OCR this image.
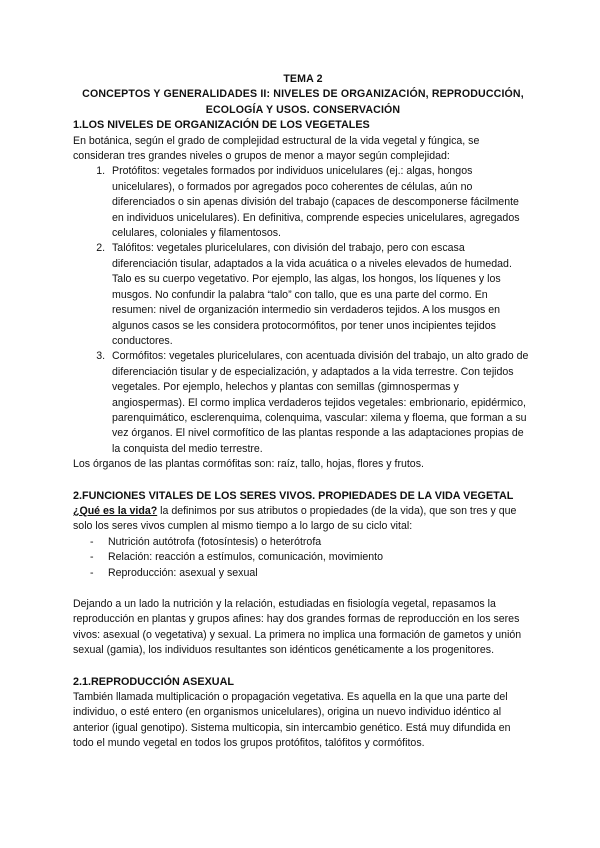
TEMA 2
CONCEPTOS Y GENERALIDADES II: NIVELES DE ORGANIZACIÓN, REPRODUCCIÓN,
ECOLOGÍA Y USOS. CONSERVACIÓN
1.LOS NIVELES DE ORGANIZACIÓN DE LOS VEGETALES

En botánica, según el grado de complejidad estructural de la vida vegetal y fúngica, se consideran tres grandes niveles o grupos de menor a mayor según complejidad:

1. Protófitos: vegetales formados por individuos unicelulares (ej.: algas, hongos unicelulares), o formados por agregados poco coherentes de células, aún no diferenciados o sin apenas división del trabajo (capaces de descomponerse fácilmente en individuos unicelulares). En definitiva, comprende especies unicelulares, agregados celulares, coloniales y filamentosos.
2. Talófitos: vegetales pluricelulares, con división del trabajo, pero con escasa diferenciación tisular, adaptados a la vida acuática o a niveles elevados de humedad. Talo es su cuerpo vegetativo. Por ejemplo, las algas, los hongos, los líquenes y los musgos. No confundir la palabra “talo” con tallo, que es una parte del cormo. En resumen: nivel de organización intermedio sin verdaderos tejidos. A los musgos en algunos casos se les considera protocormófitos, por tener unos incipientes tejidos conductores.
3. Cormófitos: vegetales pluricelulares, con acentuada división del trabajo, un alto grado de diferenciación tisular y de especialización, y adaptados a la vida terrestre. Con tejidos vegetales. Por ejemplo, helechos y plantas con semillas (gimnospermas y angiospermas). El cormo implica verdaderos tejidos vegetales: embrionario, epidérmico, parenquimático, esclerenquima, colenquima, vascular: xilema y floema, que forman a su vez órganos. El nivel cormofítico de las plantas responde a las adaptaciones propias de la conquista del medio terrestre.

Los órganos de las plantas cormófitas son: raíz, tallo, hojas, flores y frutos.

2.FUNCIONES VITALES DE LOS SERES VIVOS. PROPIEDADES DE LA VIDA VEGETAL

¿Qué es la vida? la definimos por sus atributos o propiedades (de la vida), que son tres y que solo los seres vivos cumplen al mismo tiempo a lo largo de su ciclo vital:

- Nutrición autótrofa (fotosíntesis) o heterótrofa
- Relación: reacción a estímulos, comunicación, movimiento
- Reproducción: asexual y sexual

Dejando a un lado la nutrición y la relación, estudiadas en fisiología vegetal, repasamos la reproducción en plantas y grupos afines: hay dos grandes formas de reproducción en los seres vivos: asexual (o vegetativa) y sexual. La primera no implica una formación de gametos y unión sexual (gamia), los individuos resultantes son idénticos genéticamente a los progenitores.

2.1.REPRODUCCIÓN ASEXUAL

También llamada multiplicación o propagación vegetativa. Es aquella en la que una parte del individuo, o esté entero (en organismos unicelulares), origina un nuevo individuo idéntico al anterior (igual genotipo). Sistema multicopia, sin intercambio genético. Está muy difundida en todo el mundo vegetal en todos los grupos protófitos, talófitos y cormófitos.
